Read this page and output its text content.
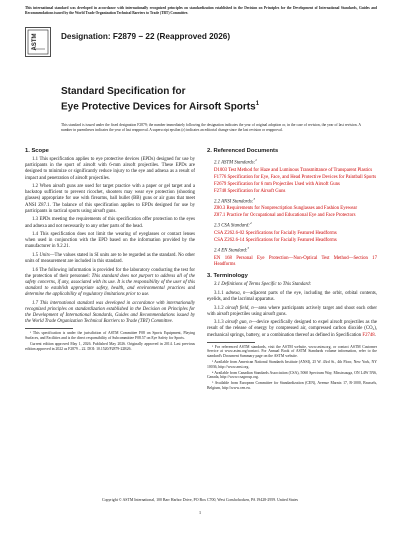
This international standard was developed in accordance with internationally recognized principles on standardization established in the Decision on Principles for the Development of International Standards, Guides and Recommendations issued by the World Trade Organization Technical Barriers to Trade (TBT) Committee.
ASTM	Designation: F2879 − 22 (Reapproved 2026)
Standard Specification for
Eye Protective Devices for Airsoft Sports$^1$
This standard is issued under the fixed designation F2879; the number immediately following the designation indicates the year of original adoption or, in the case of revision, the year of last revision. A number in parentheses indicates the year of last reapproval. A superscript epsilon (ε) indicates an editorial change since the last revision or reapproval.
1. Scope

1.1 This specification applies to eye protective devices (EPDs) designed for use by participants in the sport of airsoft with 6-mm airsoft projectiles. These EPDs are designed to minimize or significantly reduce injury to the eye and adnexa as a result of impact and penetration of airsoft projectiles.

1.2 When airsoft guns are used for target practice with a paper or gel target and a backstop sufficient to prevent ricochet, shooters may wear eye protection (shooting glasses) appropriate for use with firearms, ball bullet (BB) guns or air guns that meet ANSI Z87.1. The balance of this specification applies to EPDs designed for use by participants in tactical sports using airsoft guns.

1.3 EPDs meeting the requirements of this specification offer protection to the eyes and adnexa and not necessarily to any other parts of the head.

1.4 This specification does not limit the wearing of eyeglasses or contact lenses when used in conjunction with the EPD based on the information provided by the manufacturer in 9.2.21.

1.5 Units—The values stated in SI units are to be regarded as the standard. No other units of measurement are included in this standard.

1.6 The following information is provided for the laboratory conducting the test for the protection of their personnel: This standard does not purport to address all of the safety concerns, if any, associated with its use. It is the responsibility of the user of this standard to establish appropriate safety, health, and environmental practices and determine the applicability of regulatory limitations prior to use.

1.7 This international standard was developed in accordance with internationally recognized principles on standardization established in the Decision on Principles for the Development of International Standards, Guides and Recommendations issued by the World Trade Organization Technical Barriers to Trade (TBT) Committee.

¹ This specification is under the jurisdiction of ASTM Committee F08 on Sports Equipment, Playing Surfaces, and Facilities and is the direct responsibility of Subcommittee F08.57 on Eye Safety for Sports.

Current edition approved May 1, 2026. Published May 2026. Originally approved in 2014. Last previous edition approved in 2022 as F2879 – 22. DOI: 10.1520/F2879-22R26.

2. Referenced Documents
2.1 ASTM Standards:$^2$
D1003 Test Method for Haze and Luminous Transmittance of Transparent Plastics
F1776 Specification for Eye, Face, and Head Protective Devices for Paintball Sports
F2679 Specification for 6 mm Projectiles Used with Airsoft Guns
F2748 Specification for Airsoft Guns
2.2 ANSI Standards:$^3$
Z80.3 Requirements for Nonprescription Sunglasses and Fashion Eyewear
Z87.1 Practice for Occupational and Educational Eye and Face Protectors
2.3 CSA Standard:$^4$
CSA Z262.6-02 Specifications for Facially Featured Headforms
CSA Z262.6-14 Specifications for Facially Featured Headforms
2.4 EN Standard:$^5$
EN 168 Personal Eye Protection—Non-Optical Test Method—Section 17 Headforms
3. Terminology

3.1 Definitions of Terms Specific to This Standard:

3.1.1 adnexa, n—adjacent parts of the eye, including the orbit, orbital contents, eyelids, and the lacrimal apparatus.

3.1.2 airsoft field, n—area where participants actively target and shoot each other with airsoft projectiles using airsoft guns.

3.1.3 airsoft gun, n—device specifically designed to expel airsoft projectiles as the result of the release of energy by compressed air, compressed carbon dioxide (CO₂), mechanical springs, battery, or a combination thereof as defined in Specification F2748.

² For referenced ASTM standards, visit the ASTM website, www.astm.org, or contact ASTM Customer Service at www.astm.org/contact. For Annual Book of ASTM Standards volume information, refer to the standard's Document Summary page on the ASTM website.

³ Available from American National Standards Institute (ANSI), 25 W. 43rd St., 4th Floor, New York, NY 10036, http://www.ansi.org.

⁴ Available from Canadian Standards Association (CSA), 5060 Spectrum Way, Mississauga, ON L4W 5N6, Canada, http://www.csagroup.org.

⁵ Available from European Committee for Standardization (CEN), Avenue Marnix 17, B-1000, Brussels, Belgium, http://www.cen.eu.

Copyright © ASTM International, 100 Barr Harbor Drive, PO Box C700, West Conshohocken, PA 19428-2959. United States
1
